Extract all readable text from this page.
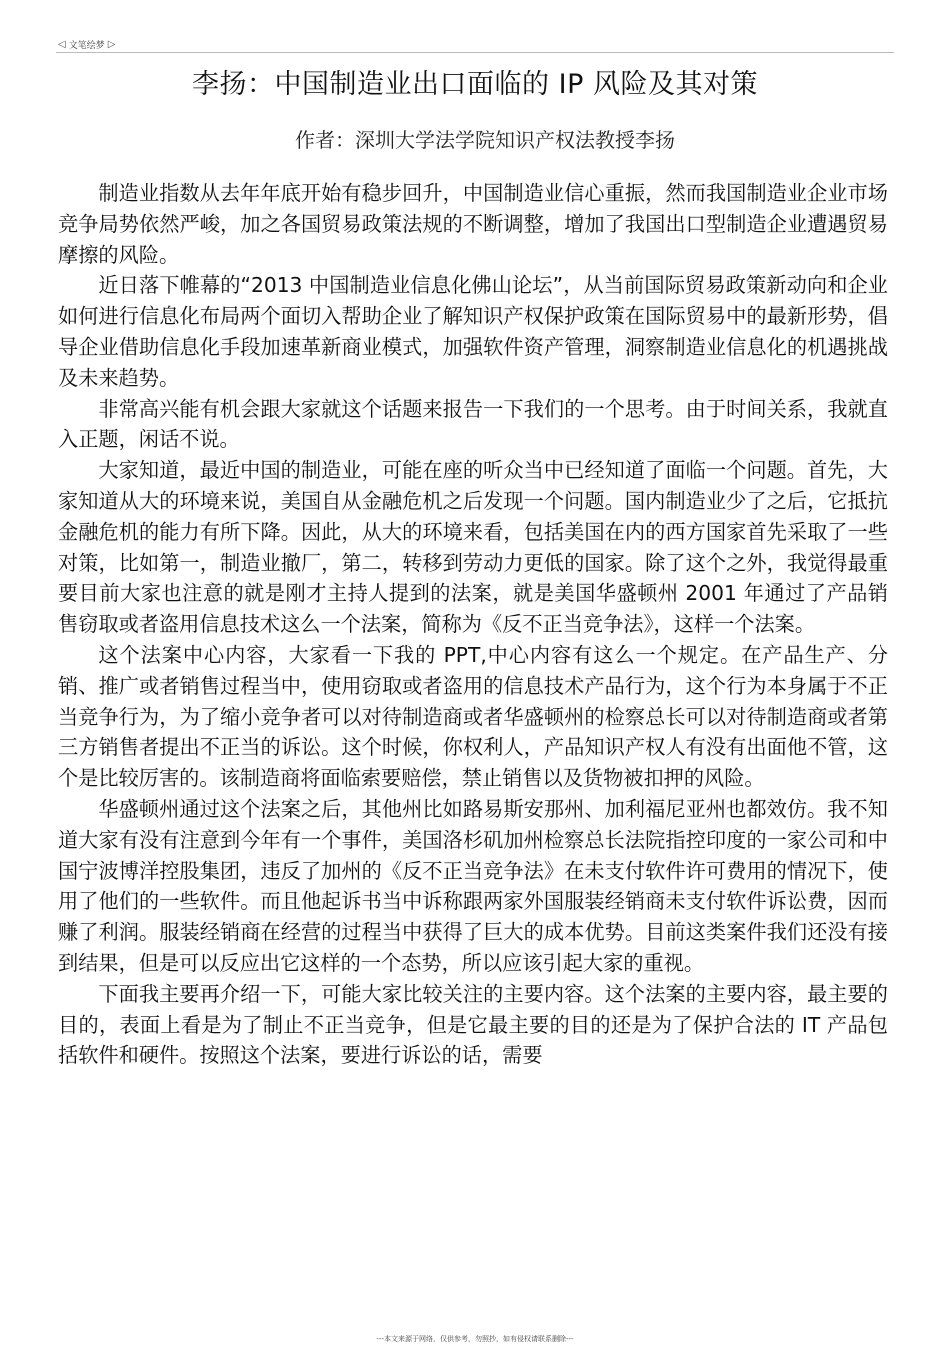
◁ 文笔绘梦 ▷
李扬：中国制造业出口面临的 IP 风险及其对策
作者：深圳大学法学院知识产权法教授李扬

制造业指数从去年年底开始有稳步回升，中国制造业信心重振，然而我国制造业企业市场竞争局势依然严峻，加之各国贸易政策法规的不断调整，增加了我国出口型制造企业遭遇贸易摩擦的风险。

近日落下帷幕的“2013 中国制造业信息化佛山论坛”，从当前国际贸易政策新动向和企业如何进行信息化布局两个面切入帮助企业了解知识产权保护政策在国际贸易中的最新形势，倡导企业借助信息化手段加速革新商业模式，加强软件资产管理，洞察制造业信息化的机遇挑战及未来趋势。

非常高兴能有机会跟大家就这个话题来报告一下我们的一个思考。由于时间关系，我就直入正题，闲话不说。

大家知道，最近中国的制造业，可能在座的听众当中已经知道了面临一个问题。首先，大家知道从大的环境来说，美国自从金融危机之后发现一个问题。国内制造业少了之后，它抵抗金融危机的能力有所下降。因此，从大的环境来看，包括美国在内的西方国家首先采取了一些对策，比如第一，制造业撤厂，第二，转移到劳动力更低的国家。除了这个之外，我觉得最重要目前大家也注意的就是刚才主持人提到的法案，就是美国华盛顿州 2001 年通过了产品销售窃取或者盗用信息技术这么一个法案，简称为《反不正当竞争法》，这样一个法案。

这个法案中心内容，大家看一下我的 PPT,中心内容有这么一个规定。在产品生产、分销、推广或者销售过程当中，使用窃取或者盗用的信息技术产品行为，这个行为本身属于不正当竞争行为，为了缩小竞争者可以对待制造商或者华盛顿州的检察总长可以对待制造商或者第三方销售者提出不正当的诉讼。这个时候，你权利人，产品知识产权人有没有出面他不管，这个是比较厉害的。该制造商将面临索要赔偿，禁止销售以及货物被扣押的风险。

华盛顿州通过这个法案之后，其他州比如路易斯安那州、加利福尼亚州也都效仿。我不知道大家有没有注意到今年有一个事件，美国洛杉矶加州检察总长法院指控印度的一家公司和中国宁波博洋控股集团，违反了加州的《反不正当竞争法》在未支付软件许可费用的情况下，使用了他们的一些软件。而且他起诉书当中诉称跟两家外国服装经销商未支付软件诉讼费，因而赚了利润。服装经销商在经营的过程当中获得了巨大的成本优势。目前这类案件我们还没有接到结果，但是可以反应出它这样的一个态势，所以应该引起大家的重视。

下面我主要再介绍一下，可能大家比较关注的主要内容。这个法案的主要内容，最主要的目的，表面上看是为了制止不正当竞争，但是它最主要的目的还是为了保护合法的 IT 产品包括软件和硬件。按照这个法案，要进行诉讼的话，需要

---本文来源于网络，仅供参考，勿照抄，如有侵权请联系删除---
